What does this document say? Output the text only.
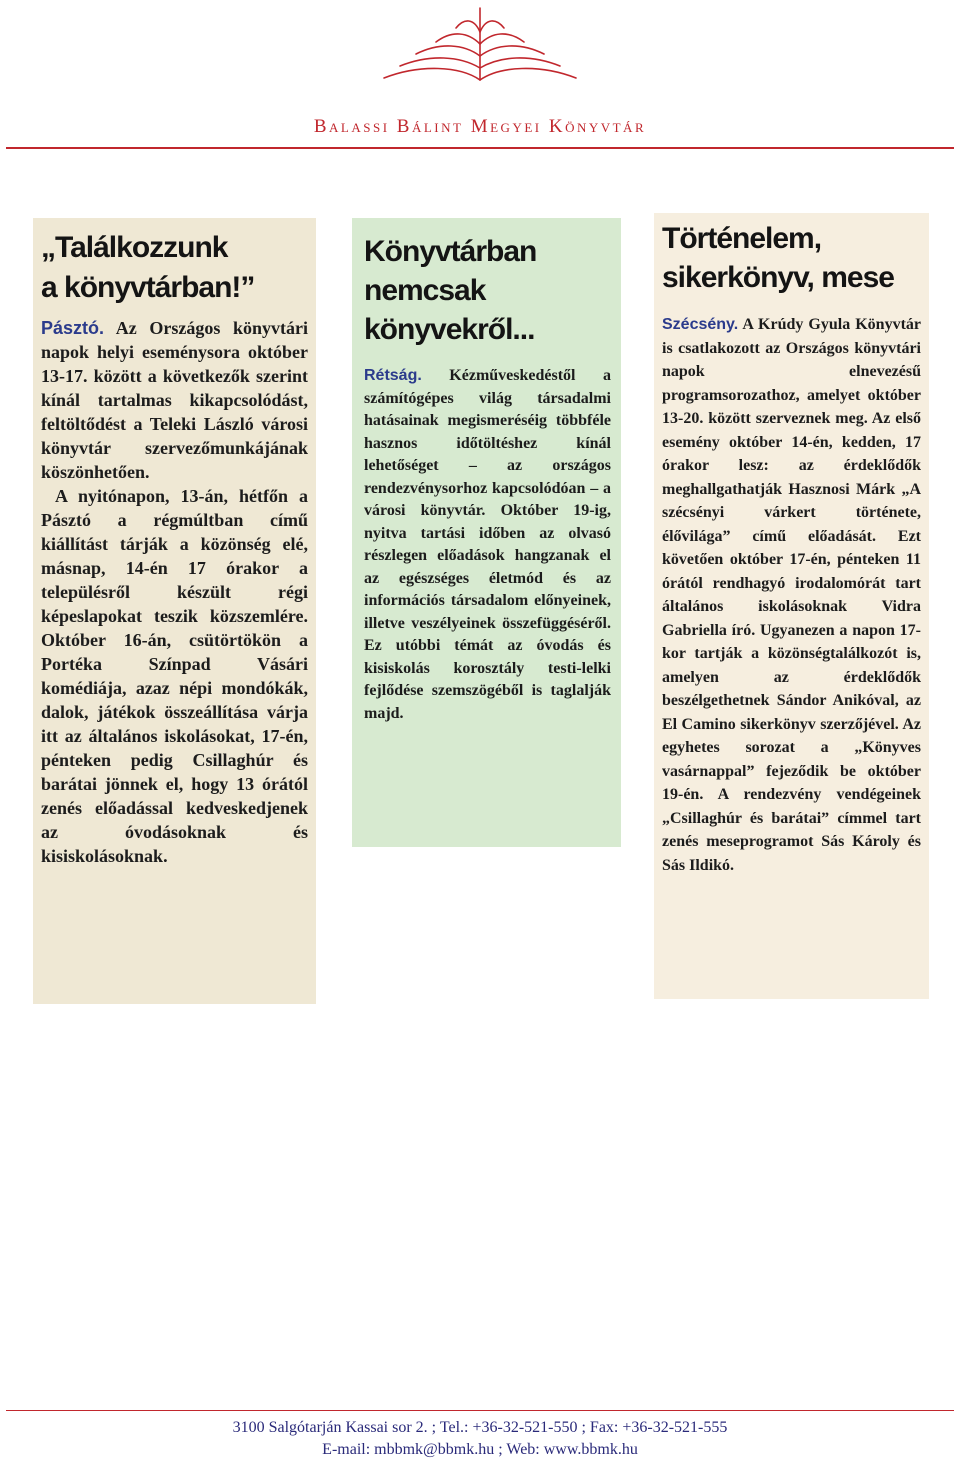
Balassi Bálint Megyei Könyvtár
„Találkozzunk
a könyvtárban!”

Pásztó. Az Országos könyvtári napok helyi eseménysora október 13-17. között a következők szerint kínál tartalmas kikapcsolódást, feltöltődést a Teleki László városi könyvtár szervezőmunkájának köszönhetően.

A nyitónapon, 13-án, hétfőn a Pásztó a régmúltban című kiállítást tárják a közönség elé, másnap, 14-én 17 órakor a településről készült régi képeslapokat teszik közszemlére. Október 16-án, csütörtökön a Portéka Színpad Vásári komédiája, azaz népi mondókák, dalok, játékok összeállítása várja itt az általános iskolásokat, 17-én, pénteken pedig Csillaghúr és barátai jönnek el, hogy 13 órától zenés előadással kedveskedjenek az óvodásoknak és kisiskolásoknak.

Könyvtárban
nemcsak
könyvekről...

Rétság. Kézműveskedéstől a számítógépes világ társadalmi hatásainak megismeréséig többféle hasznos időtöltéshez kínál lehetőséget – az országos rendezvénysorhoz kapcsolódóan – a városi könyvtár. Október 19-ig, nyitva tartási időben az olvasó részlegen előadások hangzanak el az egészséges életmód és az információs társadalom előnyeinek, illetve veszélyeinek összefüggéséről. Ez utóbbi témát az óvodás és kisiskolás korosztály testi-lelki fejlődése szemszögéből is taglalják majd.

Történelem,
sikerkönyv, mese

Szécsény. A Krúdy Gyula Könyvtár is csatlakozott az Országos könyvtári napok elnevezésű programsorozathoz, amelyet október 13-20. között szerveznek meg. Az első esemény október 14-én, kedden, 17 órakor lesz: az érdeklődők meghallgathatják Hasznosi Márk „A szécsényi várkert története, élővilága” című előadását. Ezt követően október 17-én, pénteken 11 órától rendhagyó irodalomórát tart általános iskolásoknak Vidra Gabriella író. Ugyanezen a napon 17-kor tartják a közönségtalálkozót is, amelyen az érdeklődők beszélgethetnek Sándor Anikóval, az El Camino sikerkönyv szerzőjével. Az egyhetes sorozat a „Könyves vasárnappal” fejeződik be október 19-én. A rendezvény vendégeinek „Csillaghúr és barátai” címmel tart zenés meseprogramot Sás Károly és Sás Ildikó.

3100 Salgótarján Kassai sor 2. ; Tel.: +36-32-521-550 ; Fax: +36-32-521-555
E-mail: mbbmk@bbmk.hu ; Web: www.bbmk.hu
